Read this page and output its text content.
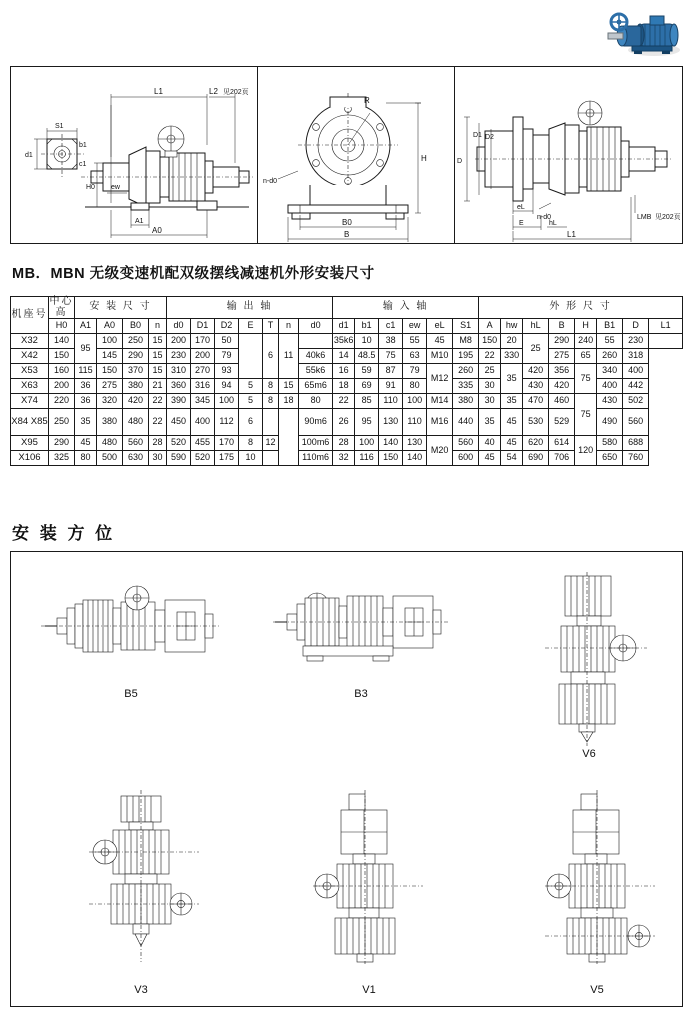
S1
d1
b1
c1
L1	L2 见202页
H0 ew
A1
A0
R
H
n-d0
B0
B
D
D1 D2
eL
n-d0
E	hL
L1
LMB 见202页
MB．MBN 无级变速机配双级摆线减速机外形安装尺寸
安 装 方 位
机座号	中心高	安 装 尺 寸				输 出 轴							输 入 轴						外 形 尺 寸							
	H0	A1	A0	B0	n	d0	D1	D2	E	T	n	d0	d1	b1	c1	ew	eL	S1	A	hw	hL	B	H	B1	D	L1
X32	140	95	100	250	15	200	170	50		6	11		35k6	10	38	55	45	M8	150	20	25	290	240	55	230	
X42	150		145	290	15	230	200	79				40k6	14	48.5	75	63	M10	195	22	330		275	65	260	318	
X53	160	115	150	370	15	310	270	93				55k6	16	59	87	79	M12	260	25	35	420	356	75	340	400	
X63	200	36	275	380	21	360	316	94	5	8	15	65m6	18	69	91	80		335	30		430	420		400	442	
X74	220	36	320	420	22	390	345	100	5	8	18	80	22	85	110	100	M14	380	30	35	470	460	75	430	502	
X84 X85	250	35	380	480	22	450	400	112	6			90m6	26	95	130	110	M16	440	35	45	530	529		490	560	
X95	290	45	480	560	28	520	455	170	8	12		100m6	28	100	140	130	M20	560	40	45	620	614	120	580	688	
X106	325	80	500	630	30	590	520	175	10			110m6	32	116	150	140		600	45	54	690	706		650	760	
B5	B3
V6
V3	V1	V5
